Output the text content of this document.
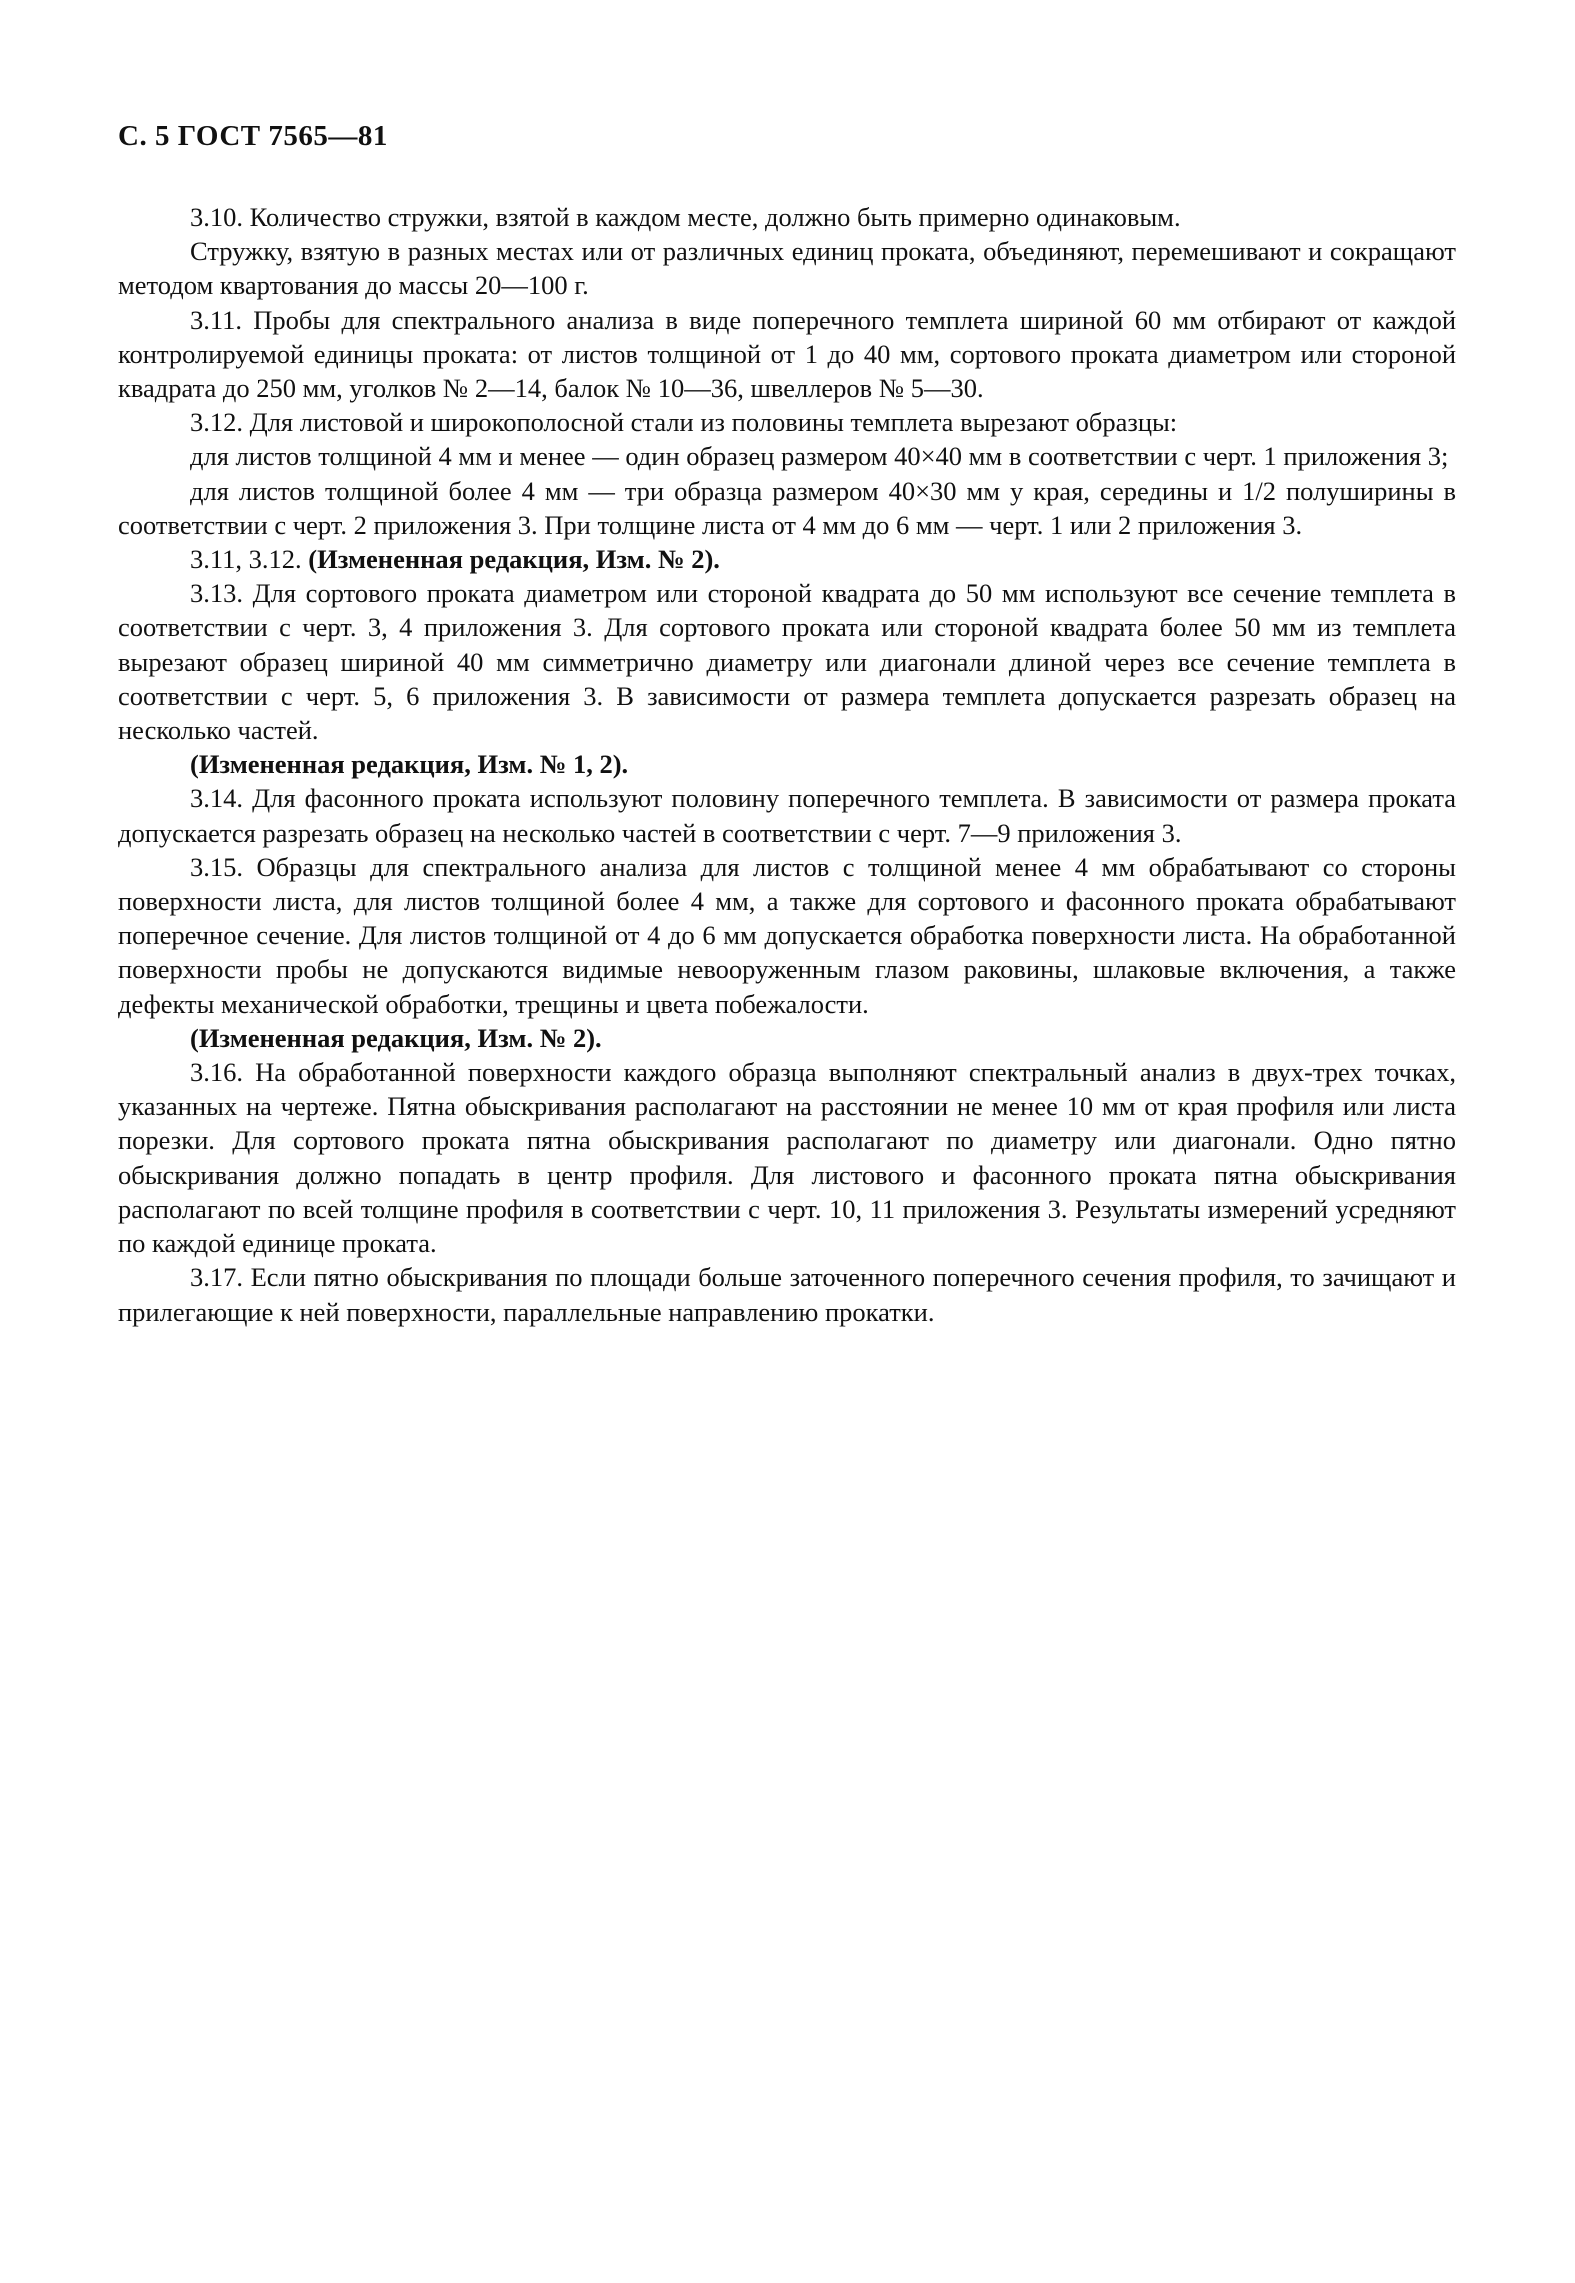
С. 5 ГОСТ 7565—81

3.10. Количество стружки, взятой в каждом месте, должно быть примерно одинаковым.

Стружку, взятую в разных местах или от различных единиц проката, объединяют, перемешивают и сокращают методом квартования до массы 20—100 г.

3.11. Пробы для спектрального анализа в виде поперечного темплета шириной 60 мм отбирают от каждой контролируемой единицы проката: от листов толщиной от 1 до 40 мм, сортового проката диаметром или стороной квадрата до 250 мм, уголков № 2—14, балок № 10—36, швеллеров № 5—30.

3.12. Для листовой и широкополосной стали из половины темплета вырезают образцы:

для листов толщиной 4 мм и менее — один образец размером 40×40 мм в соответствии с черт. 1 приложения 3;

для листов толщиной более 4 мм — три образца размером 40×30 мм у края, середины и 1/2 полуширины в соответствии с черт. 2 приложения 3. При толщине листа от 4 мм до 6 мм — черт. 1 или 2 приложения 3.

3.11, 3.12. (Измененная редакция, Изм. № 2).

3.13. Для сортового проката диаметром или стороной квадрата до 50 мм используют все сечение темплета в соответствии с черт. 3, 4 приложения 3. Для сортового проката или стороной квадрата более 50 мм из темплета вырезают образец шириной 40 мм симметрично диаметру или диагонали длиной через все сечение темплета в соответствии с черт. 5, 6 приложения 3. В зависимости от размера темплета допускается разрезать образец на несколько частей.

(Измененная редакция, Изм. № 1, 2).

3.14. Для фасонного проката используют половину поперечного темплета. В зависимости от размера проката допускается разрезать образец на несколько частей в соответствии с черт. 7—9 приложения 3.

3.15. Образцы для спектрального анализа для листов с толщиной менее 4 мм обрабатывают со стороны поверхности листа, для листов толщиной более 4 мм, а также для сортового и фасонного проката обрабатывают поперечное сечение. Для листов толщиной от 4 до 6 мм допускается обработка поверхности листа. На обработанной поверхности пробы не допускаются видимые невооруженным глазом раковины, шлаковые включения, а также дефекты механической обработки, трещины и цвета побежалости.

(Измененная редакция, Изм. № 2).

3.16. На обработанной поверхности каждого образца выполняют спектральный анализ в двух-трех точках, указанных на чертеже. Пятна обыскривания располагают на расстоянии не менее 10 мм от края профиля или листа порезки. Для сортового проката пятна обыскривания располагают по диаметру или диагонали. Одно пятно обыскривания должно попадать в центр профиля. Для листового и фасонного проката пятна обыскривания располагают по всей толщине профиля в соответствии с черт. 10, 11 приложения 3. Результаты измерений усредняют по каждой единице проката.

3.17. Если пятно обыскривания по площади больше заточенного поперечного сечения профиля, то зачищают и прилегающие к ней поверхности, параллельные направлению прокатки.
